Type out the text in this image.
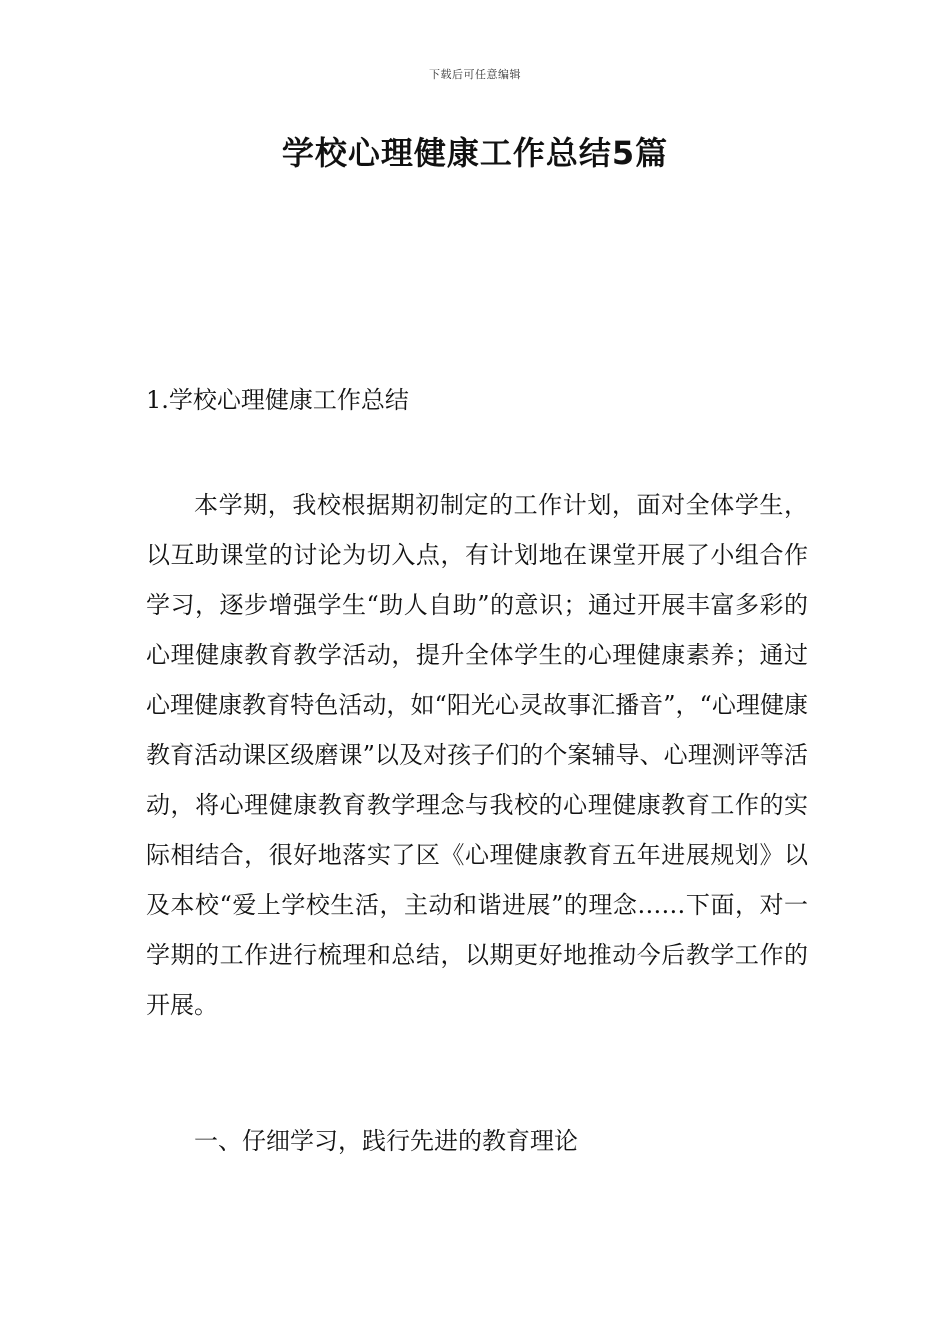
下载后可任意编辑
学校心理健康工作总结5篇
1.学校心理健康工作总结

本学期，我校根据期初制定的工作计划，面对全体学生，以互助课堂的讨论为切入点，有计划地在课堂开展了小组合作学习，逐步增强学生“助人自助”的意识；通过开展丰富多彩的心理健康教育教学活动，提升全体学生的心理健康素养；通过心理健康教育特色活动，如“阳光心灵故事汇播音”，“心理健康教育活动课区级磨课”以及对孩子们的个案辅导、心理测评等活动，将心理健康教育教学理念与我校的心理健康教育工作的实际相结合，很好地落实了区《心理健康教育五年进展规划》以及本校“爱上学校生活，主动和谐进展”的理念……下面，对一学期的工作进行梳理和总结，以期更好地推动今后教学工作的开展。

一、仔细学习，践行先进的教育理论
